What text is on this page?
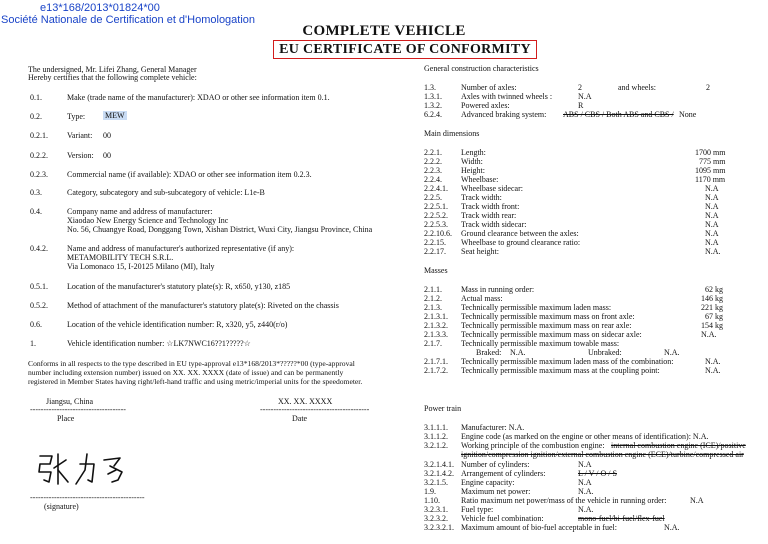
e13*168/2013*01824*00
Société Nationale de Certification et d'Homologation
COMPLETE VEHICLE
EU CERTIFICATE OF CONFORMITY
The undersigned, Mr. Lifei Zhang, General Manager
Hereby certifies that the following complete vehicle:
0.1.	Make (trade name of the manufacturer): XDAO or other see information item 0.1.
0.2.	Type: MEW
0.2.1. Variant: 00
0.2.2. Version: 00
0.2.3. Commercial name (if available): XDAO or other see information item 0.2.3.
0.3.	Category, subcategory and sub-subcategory of vehicle: L1e-B
0.4.	Company name and address of manufacturer:
Xiaodao New Energy Science and Technology Inc
No. 56, Chuangye Road, Donggang Town, Xishan District, Wuxi City, Jiangsu Province, China
0.4.2. Name and address of manufacturer's authorized representative (if any):
METAMOBILITY TECH S.R.L.
Via Lomonaco 15, I-20125 Milano (MI), Italy
0.5.1. Location of the manufacturer's statutory plate(s): R, x650, y130, z185
0.5.2. Method of attachment of the manufacturer's statutory plate(s): Riveted on the chassis
0.6.	Location of the vehicle identification number: R, x320, y5, z440(r/o)
1.	Vehicle identification number: ☆LK7NWC16??1?????☆
Conforms in all respects to the type described in EU type-approval e13*168/2013*?????*00 (type-approval
number including extension number) issued on XX. XX. XXXX (date of issue) and can be permanently
registered in Member States having right/left-hand traffic and using metric/imperial units for the speedometer.
Jiangsu, China
------------------------------------
Place
XX. XX. XXXX
-----------------------------------------
Date
-------------------------------------------
(signature)
General construction characteristics
1.3.	Number of axles:	2	and wheels:	2
1.3.1. Axles with twinned wheels :	N.A
1.3.2. Powered axles:	R
6.2.4. Advanced braking system: ABS / CBS / Both ABS and CBS / None
Main dimensions
2.2.1. Length:	1700 mm
2.2.2. Width:	775 mm
2.2.3. Height:	1095 mm
2.2.4. Wheelbase:	1170 mm
2.2.4.1. Wheelbase sidecar:	N.A
2.2.5. Track width:	N.A
2.2.5.1. Track width front:	N.A
2.2.5.2. Track width rear:	N.A
2.2.5.3. Track width sidecar:	N.A
2.2.10.6. Ground clearance between the axles:	N.A
2.2.15. Wheelbase to ground clearance ratio:	N.A
2.2.17. Seat height:	N.A.
Masses
2.1.1. Mass in running order:	62 kg
2.1.2. Actual mass:	146 kg
2.1.3. Technically permissible maximum laden mass:	221 kg
2.1.3.1. Technically permissible maximum mass on front axle:	67 kg
2.1.3.2. Technically permissible maximum mass on rear axle:	154 kg
2.1.3.3. Technically permissible maximum mass on sidecar axle:	N.A.
2.1.7. Technically permissible maximum towable mass:
Braked: N.A.	Unbraked:	N.A.
2.1.7.1. Technically permissible maximum laden mass of the combination:	N.A.
2.1.7.2. Technically permissible maximum mass at the coupling point:	N.A.
Power train
3.1.1.1. Manufacturer: N.A.
3.1.1.2. Engine code (as marked on the engine or other means of identification): N.A.
3.2.1.2. Working principle of the combustion engine: internal combustion engine (ICE)/positive
ignition/compression ignition/external combustion engine (ECE)/turbine/compressed air
3.2.1.4.1. Number of cylinders:	N.A
3.2.1.4.2. Arrangement of cylinders:	L / V / O / S
3.2.1.5. Engine capacity:	N.A
1.9.	Maximum net power:	N.A.
1.10.	Ratio maximum net power/mass of the vehicle in running order:	N.A
3.2.3.1. Fuel type:	N.A.
3.2.3.2. Vehicle fuel combination:	mono-fuel/bi-fuel/flex-fuel
3.2.3.2.1. Maximum amount of bio-fuel acceptable in fuel:	N.A.
